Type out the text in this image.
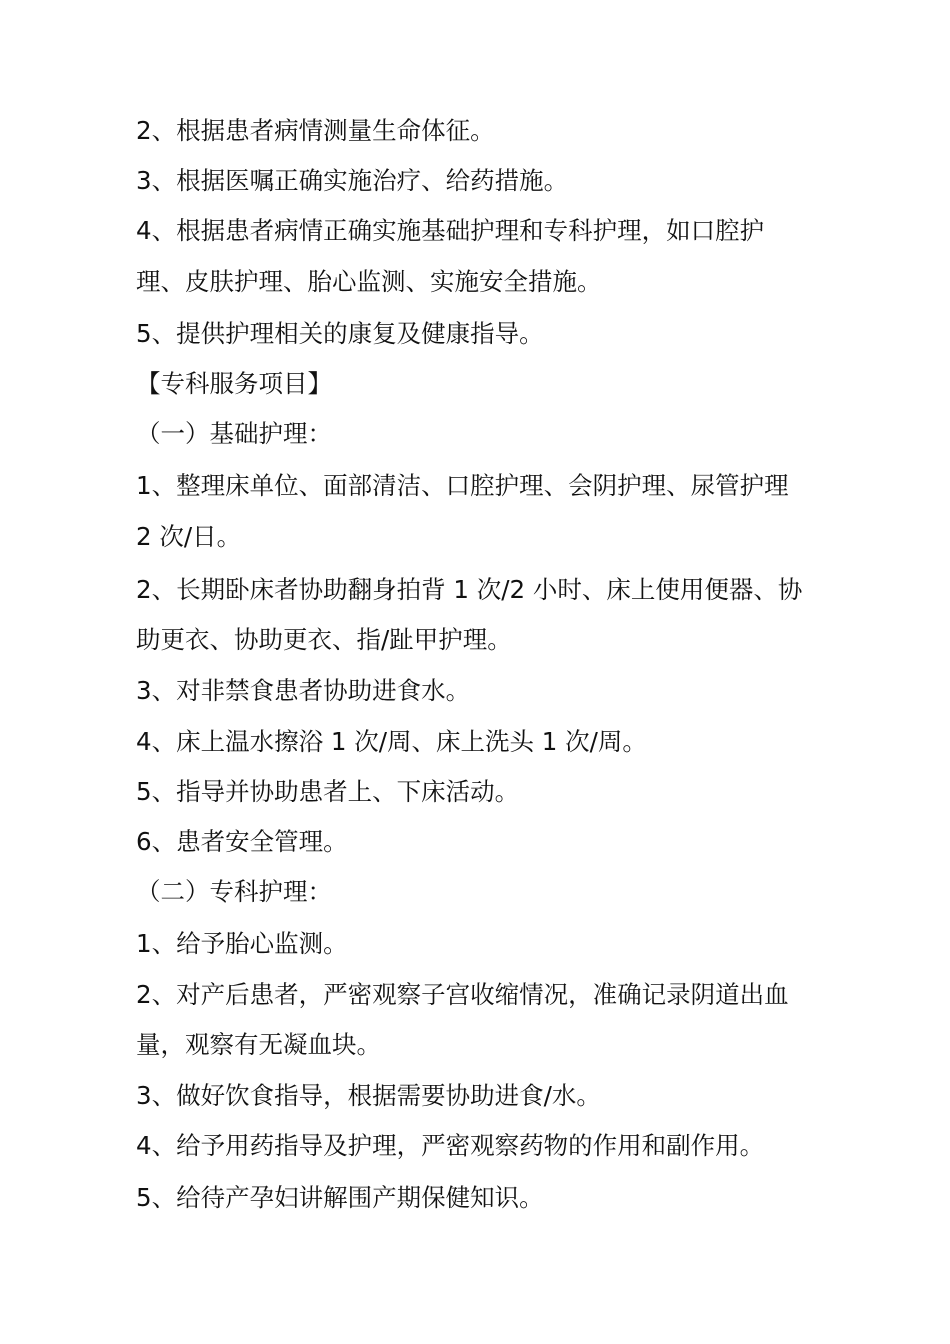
2、根据患者病情测量生命体征。
3、根据医嘱正确实施治疗、给药措施。
4、根据患者病情正确实施基础护理和专科护理，如口腔护
理、皮肤护理、胎心监测、实施安全措施。
5、提供护理相关的康复及健康指导。
【专科服务项目】
（一）基础护理：
1、整理床单位、面部清洁、口腔护理、会阴护理、尿管护理
2 次/日。
2、长期卧床者协助翻身拍背 1 次/2 小时、床上使用便器、协
助更衣、协助更衣、指/趾甲护理。
3、对非禁食患者协助进食水。
4、床上温水擦浴 1 次/周、床上洗头 1 次/周。
5、指导并协助患者上、下床活动。
6、患者安全管理。
（二）专科护理：
1、给予胎心监测。
2、对产后患者，严密观察子宫收缩情况，准确记录阴道出血
量，观察有无凝血块。
3、做好饮食指导，根据需要协助进食/水。
4、给予用药指导及护理，严密观察药物的作用和副作用。
5、给待产孕妇讲解围产期保健知识。
